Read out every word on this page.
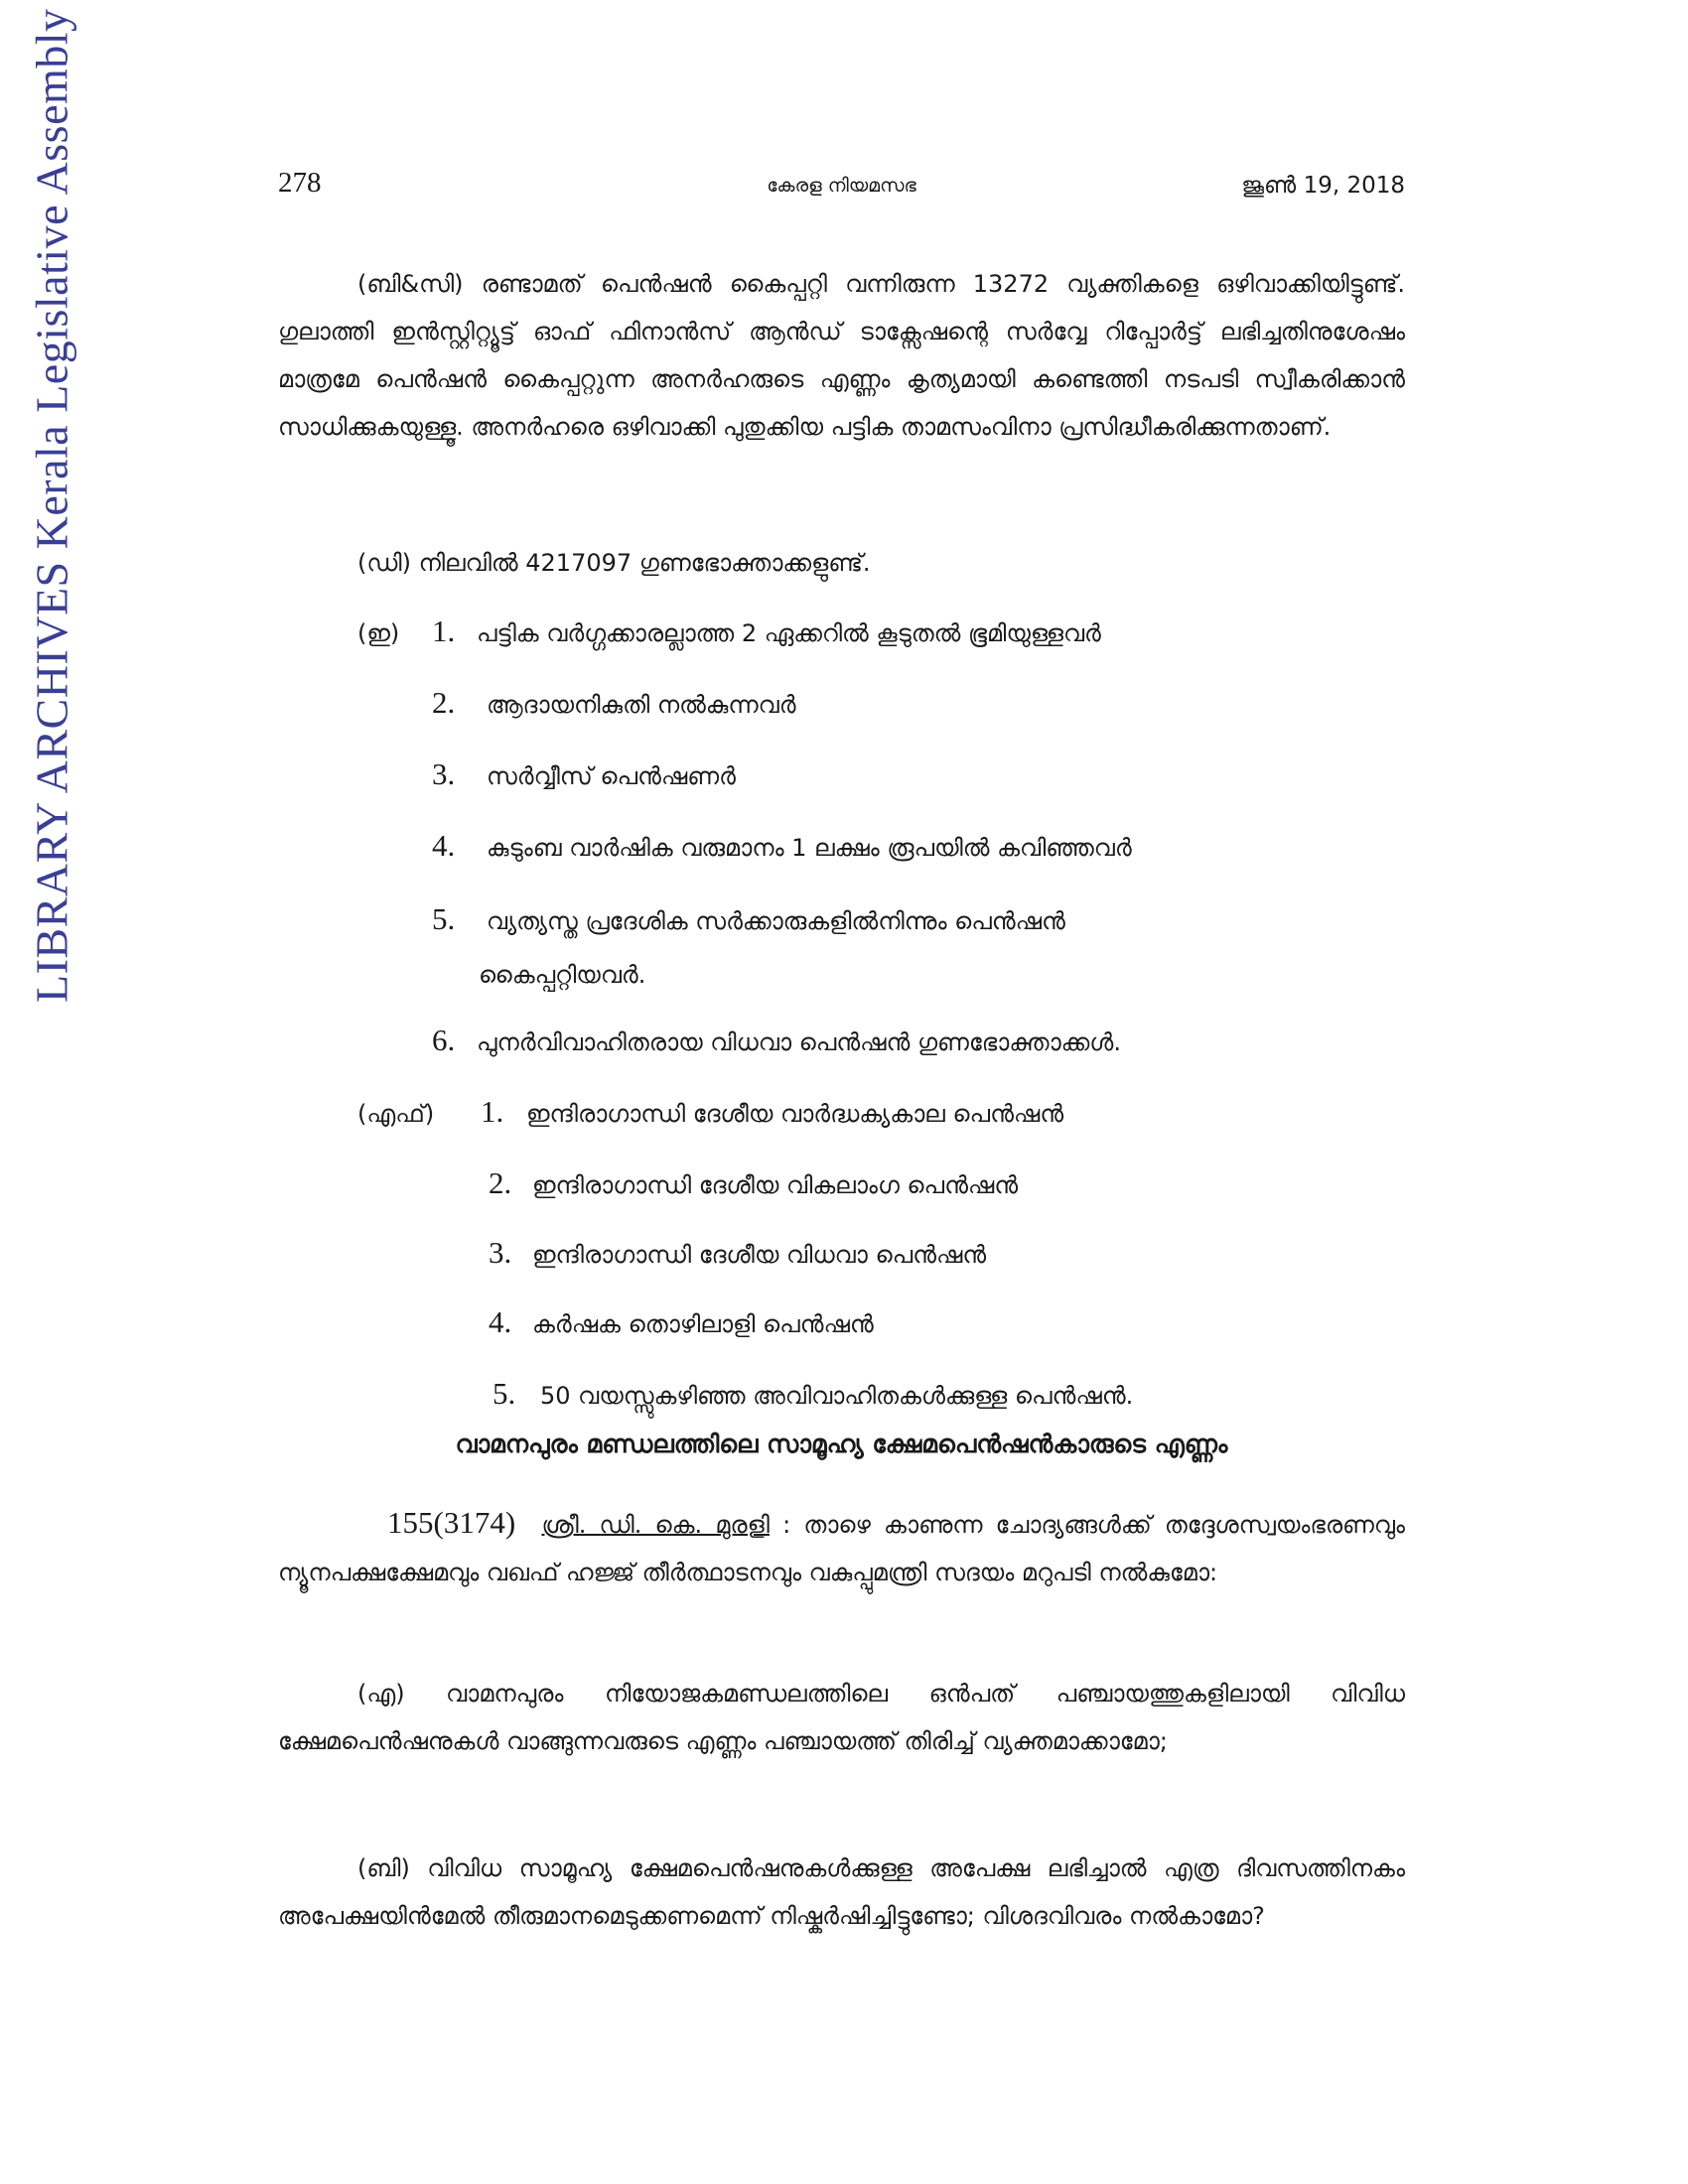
LIBRARY ARCHIVES Kerala Legislative Assembly	278	കേരള നിയമസഭ	ജൂൺ 19, 2018

(ബി&സി) രണ്ടാമത് പെൻഷൻ കൈപ്പറ്റി വന്നിരുന്ന 13272 വ്യക്തികളെ ഒഴിവാക്കിയിട്ടുണ്ട്. ഗുലാത്തി ഇൻസ്റ്റിറ്റ്യൂട്ട് ഓഫ് ഫിനാൻസ് ആൻഡ് ടാക്സേഷന്റെ സർവ്വേ റിപ്പോർട്ട് ലഭിച്ചതിനുശേഷം മാത്രമേ പെൻഷൻ കൈപ്പറ്റുന്ന അനർഹരുടെ എണ്ണം കൃത്യമായി കണ്ടെത്തി നടപടി സ്വീകരിക്കാൻ സാധിക്കുകയുള്ളൂ. അനർഹരെ ഒഴിവാക്കി പുതുക്കിയ പട്ടിക താമസംവിനാ പ്രസിദ്ധീകരിക്കുന്നതാണ്.

(ഡി) നിലവിൽ 4217097 ഗുണഭോക്താക്കളുണ്ട്.

(ഇ) 1. പട്ടിക വർഗ്ഗക്കാരല്ലാത്ത 2 ഏക്കറിൽ കൂടുതൽ ഭൂമിയുള്ളവർ
2. ആദായനികുതി നൽകുന്നവർ
3. സർവ്വീസ് പെൻഷണർ
4. കുടുംബ വാർഷിക വരുമാനം 1 ലക്ഷം രൂപയിൽ കവിഞ്ഞവർ
5. വ്യത്യസ്ത പ്രദേശിക സർക്കാരുകളിൽനിന്നും പെൻഷൻ
കൈപ്പറ്റിയവർ.
6. പുനർവിവാഹിതരായ വിധവാ പെൻഷൻ ഗുണഭോക്താക്കൾ.
(എഫ്) 1. ഇന്ദിരാഗാന്ധി ദേശീയ വാർദ്ധക്യകാല പെൻഷൻ
2. ഇന്ദിരാഗാന്ധി ദേശീയ വികലാംഗ പെൻഷൻ
3. ഇന്ദിരാഗാന്ധി ദേശീയ വിധവാ പെൻഷൻ
4. കർഷക തൊഴിലാളി പെൻഷൻ
5. 50 വയസ്സുകഴിഞ്ഞ അവിവാഹിതകൾക്കുള്ള പെൻഷൻ.

വാമനപുരം മണ്ഡലത്തിലെ സാമൂഹ്യ ക്ഷേമപെൻഷൻകാരുടെ എണ്ണം

155(3174) ശ്രീ. ഡി. കെ. മുരളി : താഴെ കാണുന്ന ചോദ്യങ്ങൾക്ക് തദ്ദേശസ്വയംഭരണവും ന്യൂനപക്ഷക്ഷേമവും വഖഫ് ഹജ്ജ് തീർത്ഥാടനവും വകുപ്പുമന്ത്രി സദയം മറുപടി നൽകുമോ:

(എ) വാമനപുരം നിയോജകമണ്ഡലത്തിലെ ഒൻപത് പഞ്ചായത്തുകളിലായി വിവിധ ക്ഷേമപെൻഷനുകൾ വാങ്ങുന്നവരുടെ എണ്ണം പഞ്ചായത്ത് തിരിച്ച് വ്യക്തമാക്കാമോ;

(ബി) വിവിധ സാമൂഹ്യ ക്ഷേമപെൻഷനുകൾക്കുള്ള അപേക്ഷ ലഭിച്ചാൽ എത്ര ദിവസത്തിനകം അപേക്ഷയിൻമേൽ തീരുമാനമെടുക്കണമെന്ന് നിഷ്കർഷിച്ചിട്ടുണ്ടോ; വിശദവിവരം നൽകാമോ?
